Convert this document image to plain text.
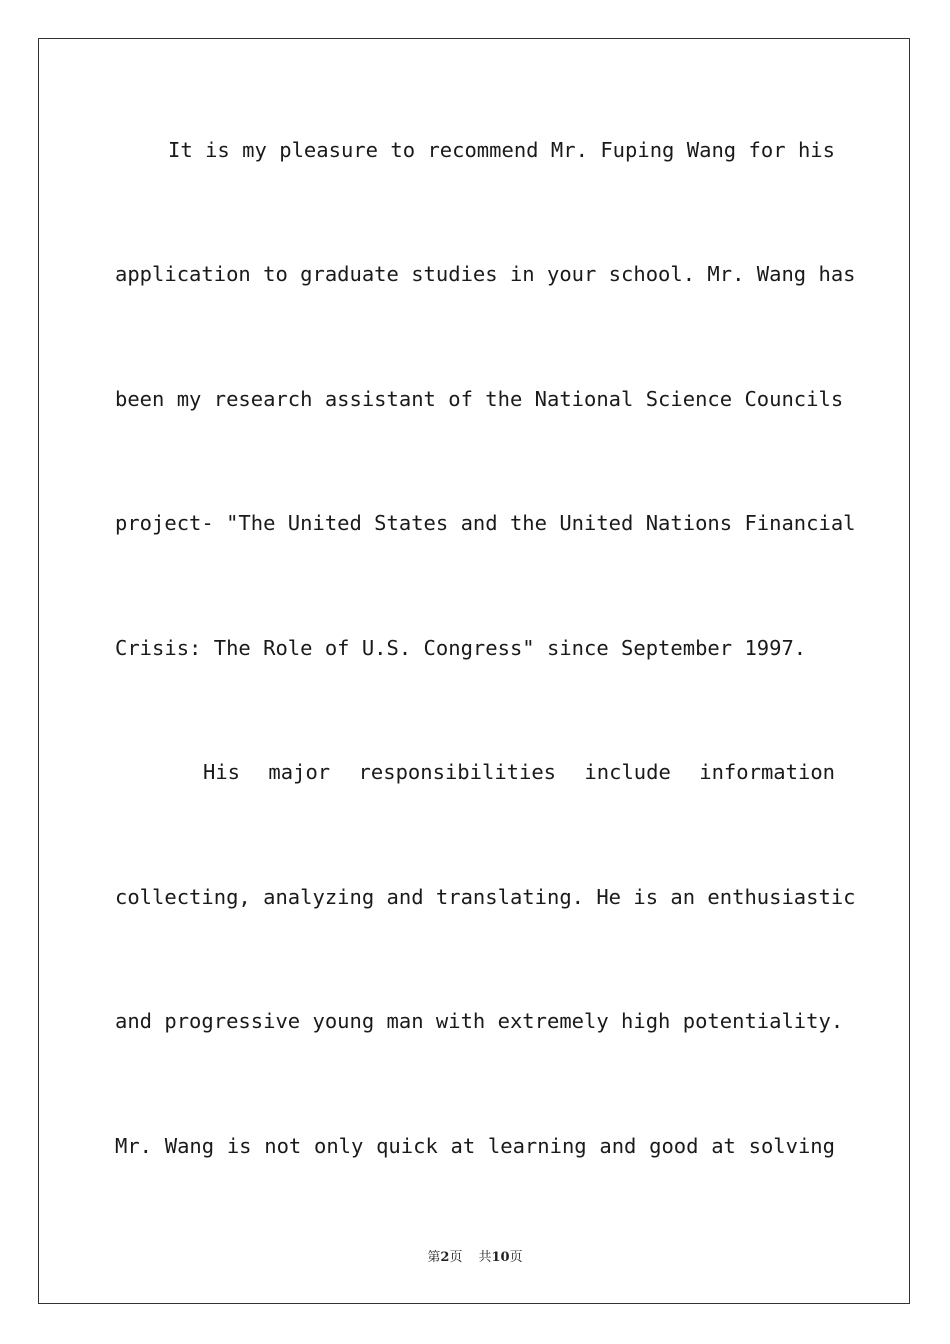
It is my pleasure to recommend Mr. Fuping Wang for his
application to graduate studies in your school. Mr. Wang has
been my research assistant of the National Science Councils
project- "The United States and the United Nations Financial
Crisis: The Role of U.S. Congress" since September 1997.
His major responsibilities include information
collecting, analyzing and translating. He is an enthusiastic
and progressive young man with extremely high potentiality.
Mr. Wang is not only quick at learning and good at solving
第2页 共10页
